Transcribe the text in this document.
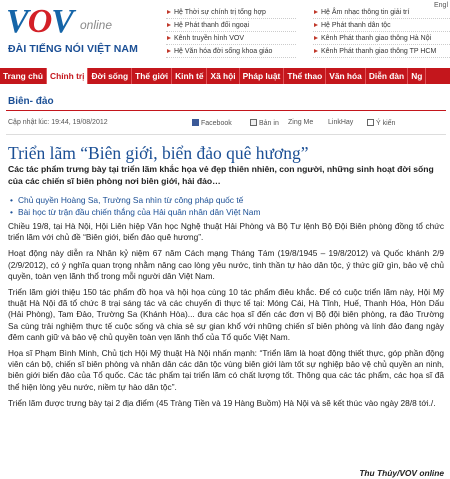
VOV online
ĐÀI TIẾNG NÓI VIỆT NAM
Hệ Thời sự chính trị tổng hợp
Hệ Phát thanh đối ngoại
Kênh truyền hình VOV
Hệ Văn hóa đời sống khoa giáo
Hệ Âm nhạc thông tin giải trí
Hệ Phát thanh dân tộc
Kênh Phát thanh giao thông Hà Nội
Kênh Phát thanh giao thông TP HCM
Engl
Trang chủ Chính trị Đời sống Thế giới Kinh tế Xã hội Pháp luật Thể thao Văn hóa Diễn đàn Ng
Biên- đảo
Cập nhật lúc: 19:44, 19/08/2012	Facebook	Bản in Zing Me LinkHay	Ý kiến
Triển lãm “Biên giới, biển đảo quê hương”
Các tác phẩm trưng bày tại triển lãm khắc họa vẻ đẹp thiên nhiên, con người, những sinh hoạt đời sống của các chiến sĩ biên phòng nơi biên giới, hải đảo…
• Chủ quyền Hoàng Sa, Trường Sa nhìn từ công pháp quốc tế
• Bài học từ trận đầu chiến thắng của Hải quân nhân dân Việt Nam

Chiều 19/8, tại Hà Nội, Hội Liên hiệp Văn học Nghệ thuật Hải Phòng và Bộ Tư lệnh Bộ Đội Biên phòng đồng tổ chức triển lãm với chủ đề “Biên giới, biển đảo quê hương”.

Hoạt động này diễn ra Nhân kỷ niệm 67 năm Cách mạng Tháng Tám (19/8/1945 – 19/8/2012) và Quốc khánh 2/9 (2/9/2012), có ý nghĩa quan trọng nhằm nâng cao lòng yêu nước, tinh thần tự hào dân tộc, ý thức giữ gìn, bảo vệ chủ quyền, toàn vẹn lãnh thổ trong mỗi người dân Việt Nam.

Triển lãm giới thiệu 150 tác phẩm đồ họa và hội họa cùng 10 tác phẩm điêu khắc. Để có cuộc triển lãm này, Hội Mỹ thuật Hà Nội đã tổ chức 8 trại sáng tác và các chuyến đi thực tế tại: Móng Cái, Hà Tĩnh, Huế, Thanh Hóa, Hòn Dấu (Hải Phòng), Tam Đảo, Trường Sa (Khánh Hòa)... đưa các họa sĩ đến các đơn vị Bộ đội biên phòng, ra đảo Trường Sa cùng trải nghiệm thực tế cuộc sống và chia sẻ sự gian khổ với những chiến sĩ biên phòng và lính đảo đang ngày đêm canh giữ và bảo vệ chủ quyền toàn vẹn lãnh thổ của Tổ quốc Việt Nam.

Họa sĩ Phạm Bình Minh, Chủ tịch Hội Mỹ thuật Hà Nội nhấn mạnh: “Triển lãm là hoạt động thiết thực, góp phần động viên cán bộ, chiến sĩ biên phòng và nhân dân các dân tộc vùng biên giới làm tốt sự nghiệp bảo vệ chủ quyền an ninh, biên giới biển đảo của Tổ quốc. Các tác phẩm tại triển lãm có chất lượng tốt. Thông qua các tác phẩm, các họa sĩ đã thể hiện lòng yêu nước, niềm tự hào dân tộc”.

Triển lãm được trưng bày tại 2 địa điểm (45 Tràng Tiền và 19 Hàng Buồm) Hà Nội và sẽ kết thúc vào ngày 28/8 tới./.

Thu Thủy/VOV online
